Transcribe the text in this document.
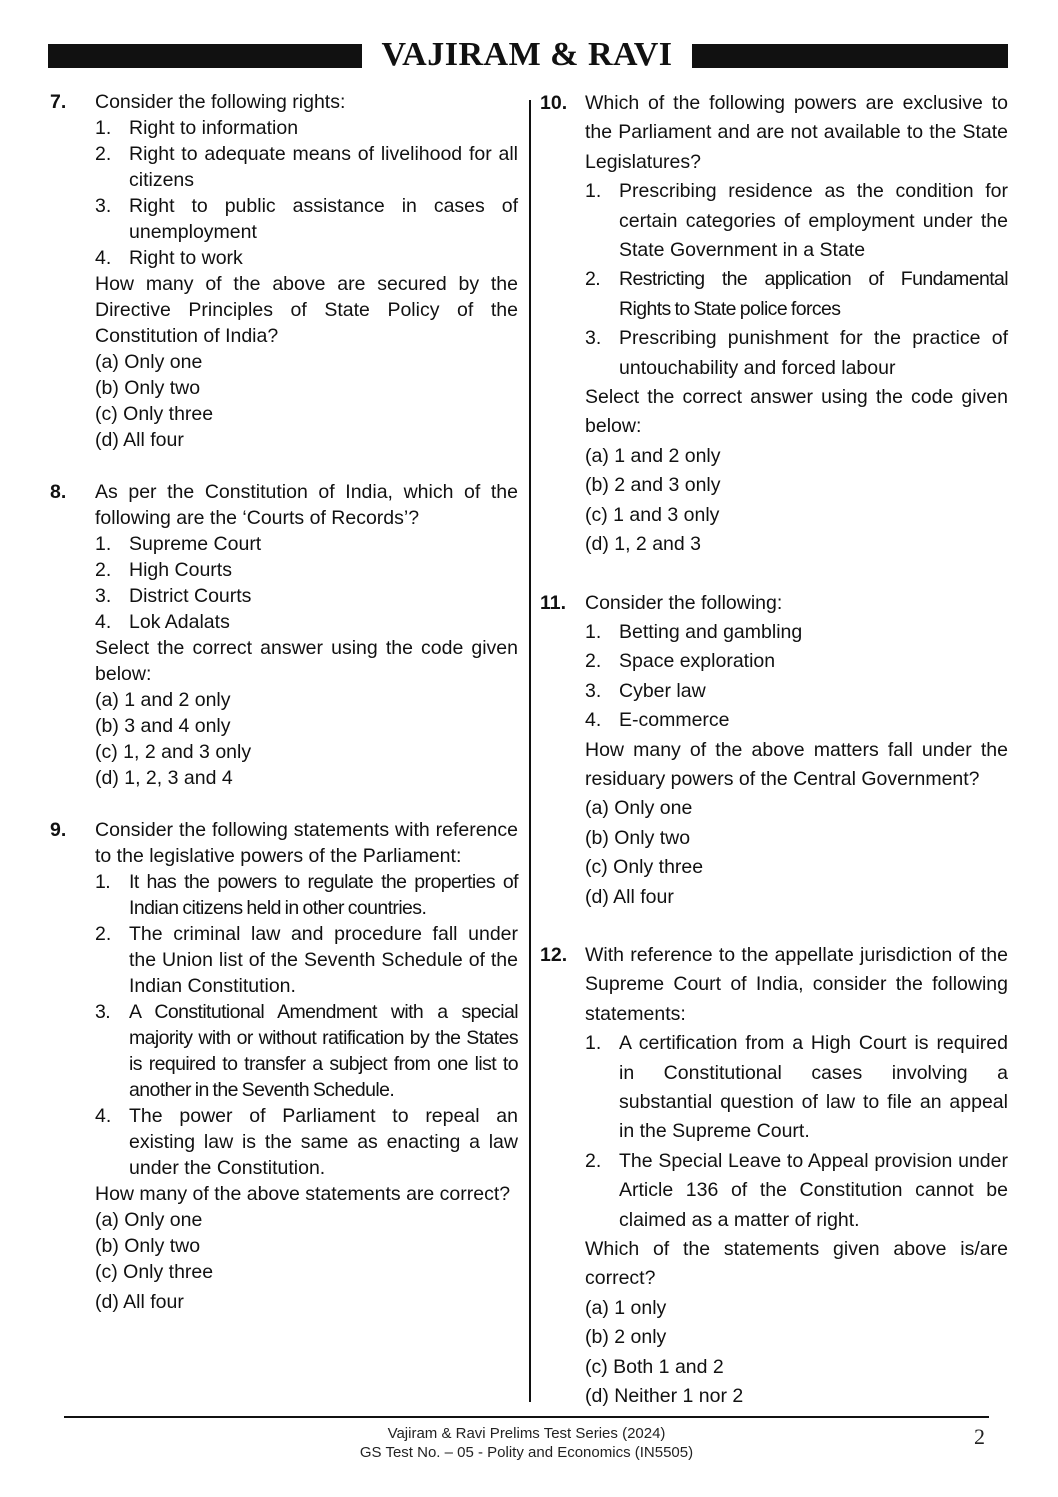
VAJIRAM & RAVI
7. Consider the following rights:
1. Right to information
2. Right to adequate means of livelihood for all citizens
3. Right to public assistance in cases of unemployment
4. Right to work
How many of the above are secured by the Directive Principles of State Policy of the Constitution of India?
(a) Only one
(b) Only two
(c) Only three
(d) All four
8. As per the Constitution of India, which of the following are the ‘Courts of Records’?
1. Supreme Court
2. High Courts
3. District Courts
4. Lok Adalats
Select the correct answer using the code given below:
(a) 1 and 2 only
(b) 3 and 4 only
(c) 1, 2 and 3 only
(d) 1, 2, 3 and 4
9. Consider the following statements with reference to the legislative powers of the Parliament:
1. It has the powers to regulate the properties of Indian citizens held in other countries.
2. The criminal law and procedure fall under the Union list of the Seventh Schedule of the Indian Constitution.
3. A Constitutional Amendment with a special majority with or without ratification by the States is required to transfer a subject from one list to another in the Seventh Schedule.
4. The power of Parliament to repeal an existing law is the same as enacting a law under the Constitution.
How many of the above statements are correct?
(a) Only one
(b) Only two
(c) Only three
(d) All four
10. Which of the following powers are exclusive to the Parliament and are not available to the State Legislatures?
1. Prescribing residence as the condition for certain categories of employment under the State Government in a State
2. Restricting the application of Fundamental Rights to State police forces
3. Prescribing punishment for the practice of untouchability and forced labour
Select the correct answer using the code given below:
(a) 1 and 2 only
(b) 2 and 3 only
(c) 1 and 3 only
(d) 1, 2 and 3
11. Consider the following:
1. Betting and gambling
2. Space exploration
3. Cyber law
4. E-commerce
How many of the above matters fall under the residuary powers of the Central Government?
(a) Only one
(b) Only two
(c) Only three
(d) All four
12. With reference to the appellate jurisdiction of the Supreme Court of India, consider the following statements:
1. A certification from a High Court is required in Constitutional cases involving a substantial question of law to file an appeal in the Supreme Court.
2. The Special Leave to Appeal provision under Article 136 of the Constitution cannot be claimed as a matter of right.
Which of the statements given above is/are correct?
(a) 1 only
(b) 2 only
(c) Both 1 and 2
(d) Neither 1 nor 2
Vajiram & Ravi Prelims Test Series (2024)
GS Test No. – 05 - Polity and Economics (IN5505)
2
